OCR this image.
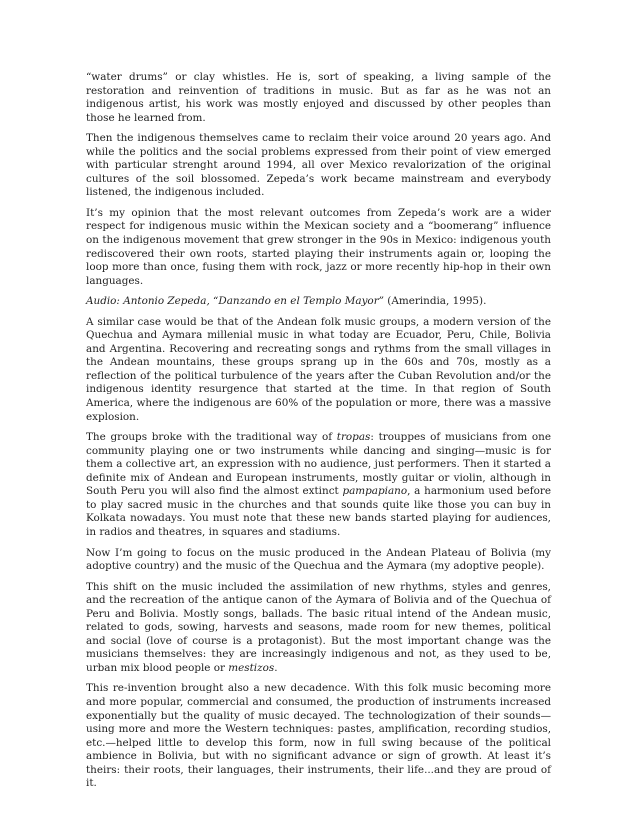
“water drums” or clay whistles. He is, sort of speaking, a living sample of the restoration and reinvention of traditions in music. But as far as he was not an indigenous artist, his work was mostly enjoyed and discussed by other peoples than those he learned from.

Then the indigenous themselves came to reclaim their voice around 20 years ago. And while the politics and the social problems expressed from their point of view emerged with particular strenght around 1994, all over Mexico revalorization of the original cultures of the soil blossomed. Zepeda’s work became mainstream and everybody listened, the indigenous included.

It’s my opinion that the most relevant outcomes from Zepeda’s work are a wider respect for indigenous music within the Mexican society and a “boomerang” influence on the indigenous movement that grew stronger in the 90s in Mexico: indigenous youth rediscovered their own roots, started playing their instruments again or, looping the loop more than once, fusing them with rock, jazz or more recently hip-hop in their own languages.

Audio: Antonio Zepeda, “Danzando en el Templo Mayor” (Amerindia, 1995).

A similar case would be that of the Andean folk music groups, a modern version of the Quechua and Aymara millenial music in what today are Ecuador, Peru, Chile, Bolivia and Argentina. Recovering and recreating songs and rythms from the small villages in the Andean mountains, these groups sprang up in the 60s and 70s, mostly as a reflection of the political turbulence of the years after the Cuban Revolution and/or the indigenous identity resurgence that started at the time. In that region of South America, where the indigenous are 60% of the population or more, there was a massive explosion.

The groups broke with the traditional way of tropas: trouppes of musicians from one community playing one or two instruments while dancing and singing—music is for them a collective art, an expression with no audience, just performers. Then it started a definite mix of Andean and European instruments, mostly guitar or violin, although in South Peru you will also find the almost extinct pampapiano, a harmonium used before to play sacred music in the churches and that sounds quite like those you can buy in Kolkata nowadays. You must note that these new bands started playing for audiences, in radios and theatres, in squares and stadiums.

Now I’m going to focus on the music produced in the Andean Plateau of Bolivia (my adoptive country) and the music of the Quechua and the Aymara (my adoptive people).

This shift on the music included the assimilation of new rhythms, styles and genres, and the recreation of the antique canon of the Aymara of Bolivia and of the Quechua of Peru and Bolivia. Mostly songs, ballads. The basic ritual intend of the Andean music, related to gods, sowing, harvests and seasons, made room for new themes, political and social (love of course is a protagonist). But the most important change was the musicians themselves: they are increasingly indigenous and not, as they used to be, urban mix blood people or mestizos.

This re-invention brought also a new decadence. With this folk music becoming more and more popular, commercial and consumed, the production of instruments increased exponentially but the quality of music decayed. The technologization of their sounds—using more and more the Western techniques: pastes, amplification, recording studios, etc.—helped little to develop this form, now in full swing because of the political ambience in Bolivia, but with no significant advance or sign of growth. At least it’s theirs: their roots, their languages, their instruments, their life...and they are proud of it.
